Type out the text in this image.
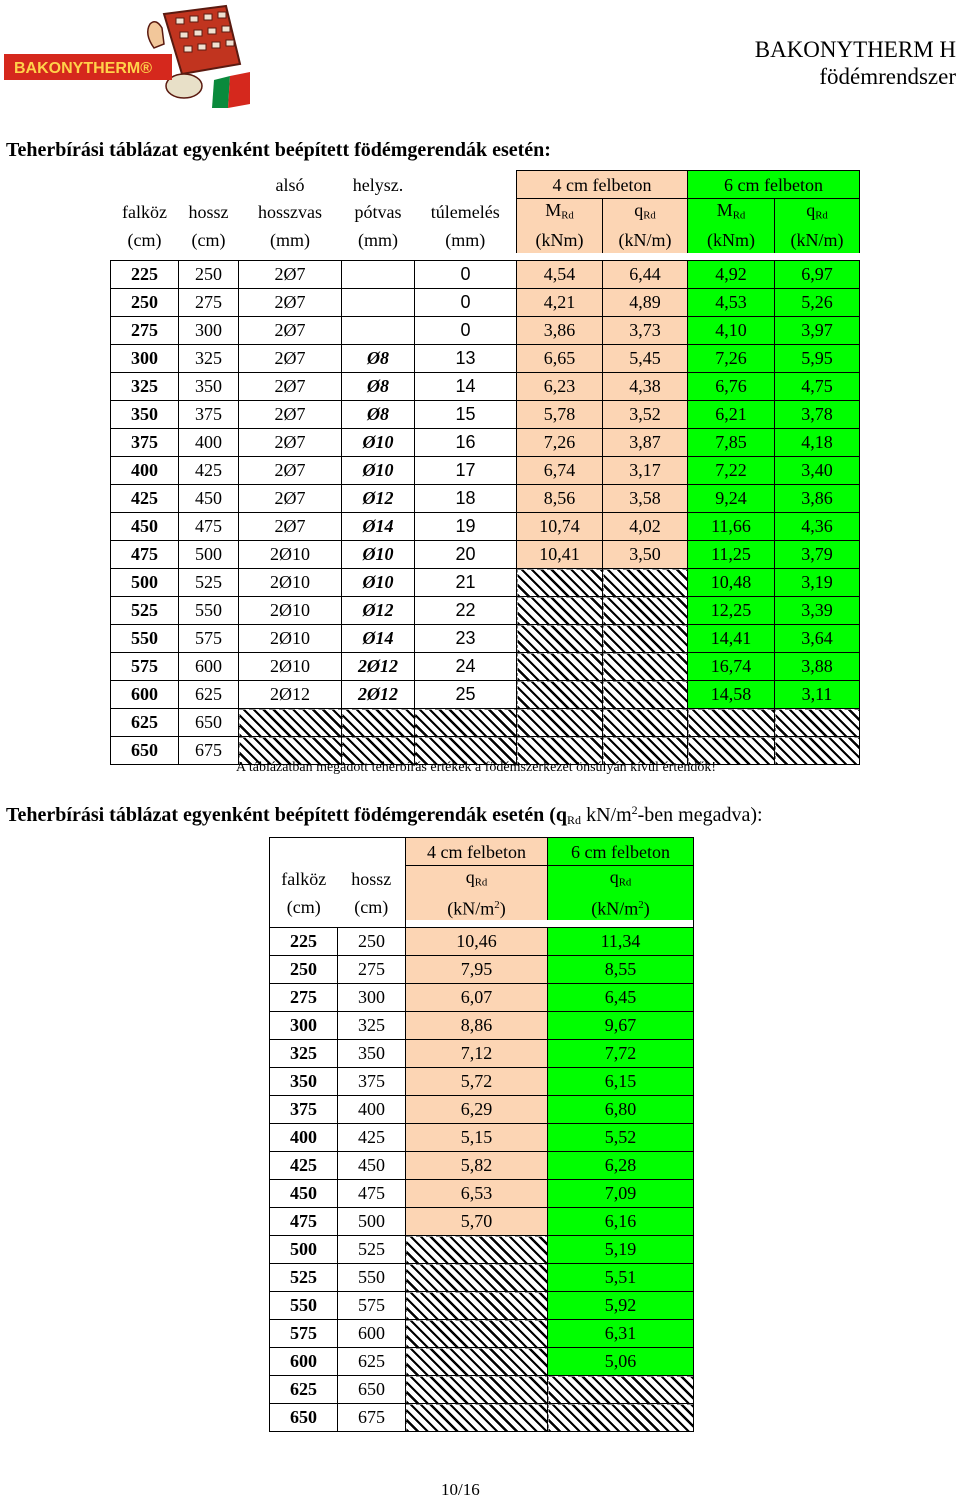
BAKONYTHERM®
BAKONYTHERM H
födémrendszer
Teherbírási táblázat egyenként beépített födémgerendák esetén:
		alsó	helysz.		4 cm felbeton		6 cm felbeton	
falköz	hossz	hosszvas	pótvas	túlemelés	$M_{Rd}$	$q_{Rd}$	$M_{Rd}$	$q_{Rd}$
(cm)	(cm)	(mm)	(mm)	(mm)	(kNm)	(kN/m)	(kNm)	(kN/m)

225	250	2Ø7		0	4,54	6,44	4,92	6,97
250	275	2Ø7		0	4,21	4,89	4,53	5,26
275	300	2Ø7		0	3,86	3,73	4,10	3,97
300	325	2Ø7	Ø8	13	6,65	5,45	7,26	5,95
325	350	2Ø7	Ø8	14	6,23	4,38	6,76	4,75
350	375	2Ø7	Ø8	15	5,78	3,52	6,21	3,78
375	400	2Ø7	Ø10	16	7,26	3,87	7,85	4,18
400	425	2Ø7	Ø10	17	6,74	3,17	7,22	3,40
425	450	2Ø7	Ø12	18	8,56	3,58	9,24	3,86
450	475	2Ø7	Ø14	19	10,74	4,02	11,66	4,36
475	500	2Ø10	Ø10	20	10,41	3,50	11,25	3,79
500	525	2Ø10	Ø10	21			10,48	3,19
525	550	2Ø10	Ø12	22			12,25	3,39
550	575	2Ø10	Ø14	23			14,41	3,64
575	600	2Ø10	2Ø12	24			16,74	3,88
600	625	2Ø12	2Ø12	25			14,58	3,11
625	650							
650	675							
A táblázatban megadott teherbírás értékek a födémszerkezet önsúlyán kívül értendők!
Teherbírási táblázat egyenként beépített födémgerendák esetén ($q_{Rd}$ $kN/m^2$-ben megadva):
		4 cm felbeton	6 cm felbeton
falköz	hossz	$q_{Rd}$	$q_{Rd}$
(cm)	(cm)	$(kN/m^2)$	$(kN/m^2)$

225	250	10,46	11,34
250	275	7,95	8,55
275	300	6,07	6,45
300	325	8,86	9,67
325	350	7,12	7,72
350	375	5,72	6,15
375	400	6,29	6,80
400	425	5,15	5,52
425	450	5,82	6,28
450	475	6,53	7,09
475	500	5,70	6,16
500	525		5,19
525	550		5,51
550	575		5,92
575	600		6,31
600	625		5,06
625	650		
650	675		
10/16
